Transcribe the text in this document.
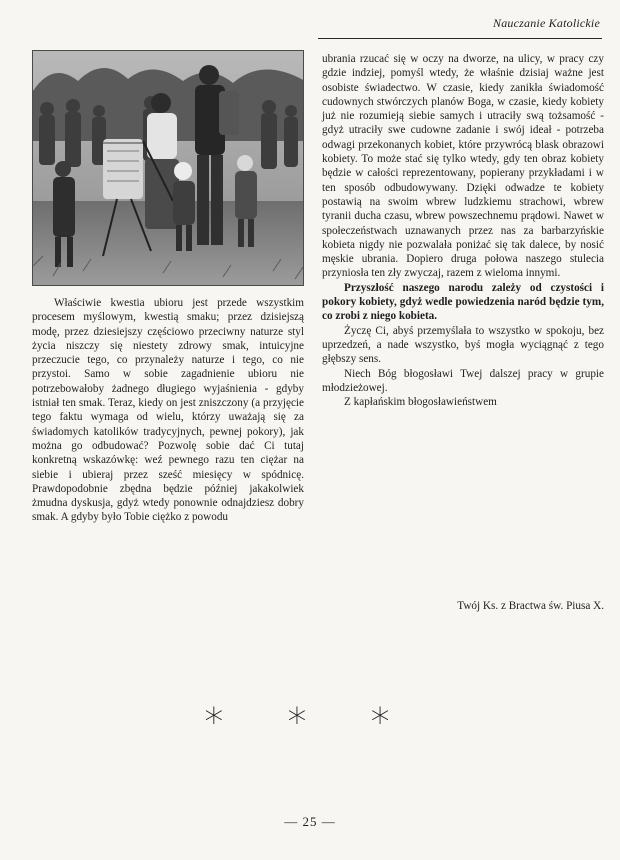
Nauczanie Katolickie

Właściwie kwestia ubioru jest przede wszystkim procesem myślowym, kwestią smaku; przez dzisiejszą modę, przez dziesiejszy częściowo przeciwny naturze styl życia niszczy się niestety zdrowy smak, intuicyjne przeczucie tego, co przynależy naturze i tego, co nie przystoi. Samo w sobie zagadnienie ubioru nie potrzebowałoby żadnego długiego wyjaśnienia - gdyby istniał ten smak. Teraz, kiedy on jest zniszczony (a przyjęcie tego faktu wymaga od wielu, którzy uważają się za świadomych katolików tradycyjnych, pewnej pokory), jak można go odbudować? Pozwolę sobie dać Ci tutaj konkretną wskazówkę: weź pewnego razu ten ciężar na siebie i ubieraj przez sześć miesięcy w spódnicę. Prawdopodobnie zbędna będzie później jakakolwiek żmudna dyskusja, gdyż wtedy ponownie odnajdziesz dobry smak. A gdyby było Tobie ciężko z powodu

ubrania rzucać się w oczy na dworze, na ulicy, w pracy czy gdzie indziej, pomyśl wtedy, że właśnie dzisiaj ważne jest osobiste świadectwo. W czasie, kiedy zanikła świadomość cudownych stwórczych planów Boga, w czasie, kiedy kobiety już nie rozumieją siebie samych i utraciły swą tożsamość - gdyż utraciły swe cudowne zadanie i swój ideał - potrzeba odwagi przekonanych kobiet, które przywrócą blask obrazowi kobiety. To może stać się tylko wtedy, gdy ten obraz kobiety będzie w całości reprezentowany, popierany przykładami i w ten sposób odbudowywany. Dzięki odwadze te kobiety postawią na swoim wbrew ludzkiemu strachowi, wbrew tyranii ducha czasu, wbrew powszechnemu prądowi. Nawet w społeczeństwach uznawanych przez nas za barbarzyńskie kobieta nigdy nie pozwalała poniżać się tak dalece, by nosić męskie ubrania. Dopiero druga połowa naszego stulecia przyniosła ten zły zwyczaj, razem z wieloma innymi.

Przyszłość naszego narodu zależy od czystości i pokory kobiety, gdyż wedle powiedzenia naród będzie tym, co zrobi z niego kobieta.

Życzę Ci, abyś przemyślała to wszystko w spokoju, bez uprzedzeń, a nade wszystko, byś mogła wyciągnąć z tego głębszy sens.

Niech Bóg błogosławi Twej dalszej pracy w grupie młodzieżowej.

Z kapłańskim błogosławieństwem

Twój Ks. z Bractwa św. Piusa X.
* * *
— 25 —
